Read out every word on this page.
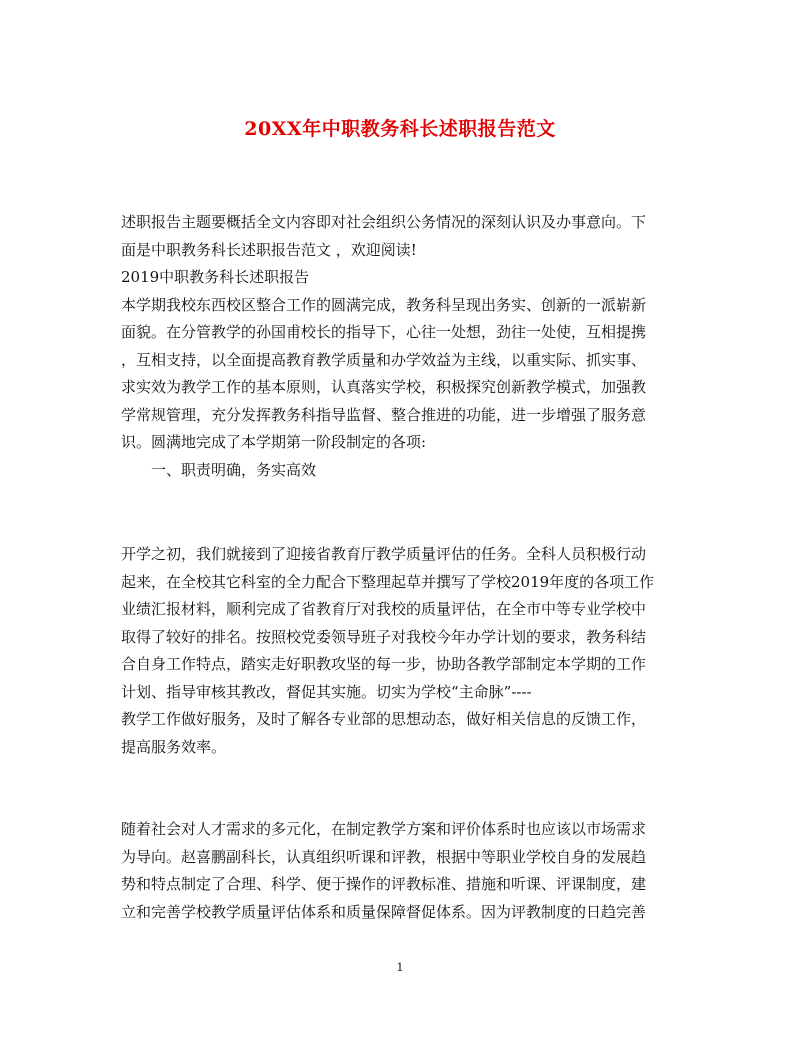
20XX年中职教务科长述职报告范文
述职报告主题要概括全文内容即对社会组织公务情况的深刻认识及办事意向。下
面是中职教务科长述职报告范文 ，欢迎阅读!
2019中职教务科长述职报告
本学期我校东西校区整合工作的圆满完成，教务科呈现出务实、创新的一派崭新
面貌。在分管教学的孙国甫校长的指导下，心往一处想，劲往一处使，互相提携
，互相支持，以全面提高教育教学质量和办学效益为主线，以重实际、抓实事、
求实效为教学工作的基本原则，认真落实学校，积极探究创新教学模式，加强教
学常规管理，充分发挥教务科指导监督、整合推进的功能，进一步增强了服务意
识。圆满地完成了本学期第一阶段制定的各项:
一、职责明确，务实高效
开学之初，我们就接到了迎接省教育厅教学质量评估的任务。全科人员积极行动
起来，在全校其它科室的全力配合下整理起草并撰写了学校2019年度的各项工作
业绩汇报材料，顺利完成了省教育厅对我校的质量评估，在全市中等专业学校中
取得了较好的排名。按照校党委领导班子对我校今年办学计划的要求，教务科结
合自身工作特点，踏实走好职教攻坚的每一步，协助各教学部制定本学期的工作
计划、指导审核其教改，督促其实施。切实为学校“主命脉”----
教学工作做好服务，及时了解各专业部的思想动态，做好相关信息的反馈工作，
提高服务效率。
随着社会对人才需求的多元化，在制定教学方案和评价体系时也应该以市场需求
为导向。赵喜鹏副科长，认真组织听课和评教，根据中等职业学校自身的发展趋
势和特点制定了合理、科学、便于操作的评教标准、措施和听课、评课制度，建
立和完善学校教学质量评估体系和质量保障督促体系。因为评教制度的日趋完善
1
